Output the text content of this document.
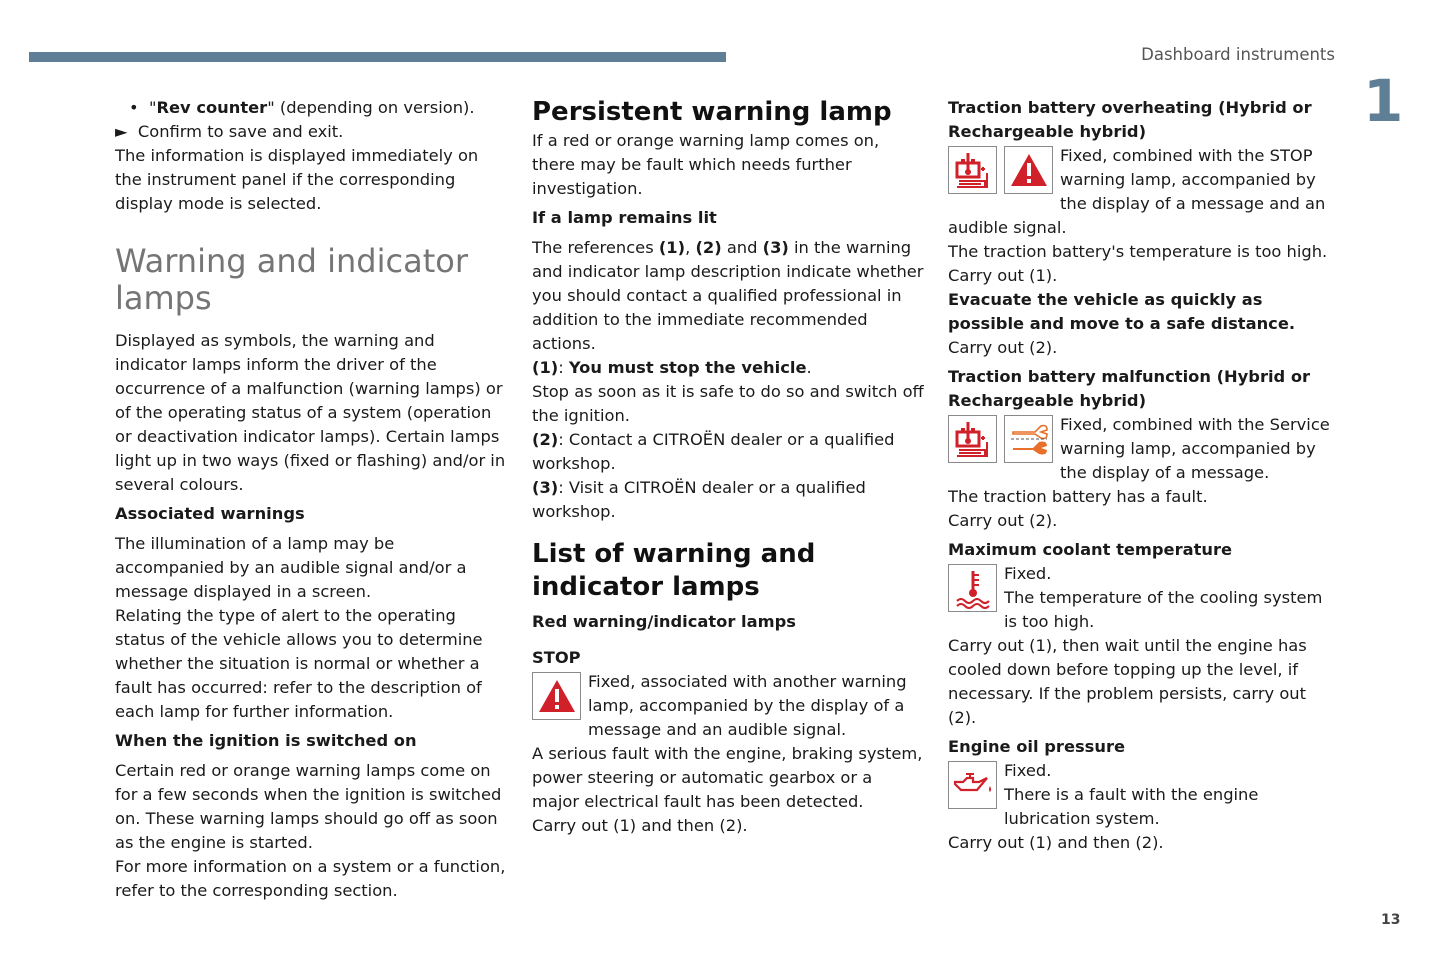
Dashboard instruments
1
13

•  "Rev counter" (depending on version).

►  Confirm to save and exit.

The information is displayed immediately on the instrument panel if the corresponding display mode is selected.

Warning and indicator lamps

Displayed as symbols, the warning and indicator lamps inform the driver of the occurrence of a malfunction (warning lamps) or of the operating status of a system (operation or deactivation indicator lamps). Certain lamps light up in two ways (fixed or flashing) and/or in several colours.

Associated warnings

The illumination of a lamp may be accompanied by an audible signal and/or a message displayed in a screen.

Relating the type of alert to the operating status of the vehicle allows you to determine whether the situation is normal or whether a fault has occurred: refer to the description of each lamp for further information.

When the ignition is switched on

Certain red or orange warning lamps come on for a few seconds when the ignition is switched on. These warning lamps should go off as soon as the engine is started.

For more information on a system or a function, refer to the corresponding section.

Persistent warning lamp

If a red or orange warning lamp comes on, there may be fault which needs further investigation.

If a lamp remains lit

The references (1), (2) and (3) in the warning and indicator lamp description indicate whether you should contact a qualified professional in addition to the immediate recommended actions.

(1): You must stop the vehicle.

Stop as soon as it is safe to do so and switch off the ignition.

(2): Contact a CITROËN dealer or a qualified workshop.

(3): Visit a CITROËN dealer or a qualified workshop.

List of warning and indicator lamps

Red warning/indicator lamps

STOP

Fixed, associated with another warning lamp, accompanied by the display of a message and an audible signal.

A serious fault with the engine, braking system, power steering or automatic gearbox or a major electrical fault has been detected.

Carry out (1) and then (2).

Traction battery overheating (Hybrid or Rechargeable hybrid)

Fixed, combined with the STOP warning lamp, accompanied by the display of a message and an audible signal.

The traction battery's temperature is too high.

Carry out (1).

Evacuate the vehicle as quickly as possible and move to a safe distance.

Carry out (2).

Traction battery malfunction (Hybrid or Rechargeable hybrid)

Fixed, combined with the Service warning lamp, accompanied by the display of a message.

The traction battery has a fault.

Carry out (2).

Maximum coolant temperature

Fixed.

The temperature of the cooling system is too high.

Carry out (1), then wait until the engine has cooled down before topping up the level, if necessary. If the problem persists, carry out (2).

Engine oil pressure

Fixed.

There is a fault with the engine lubrication system.

Carry out (1) and then (2).
